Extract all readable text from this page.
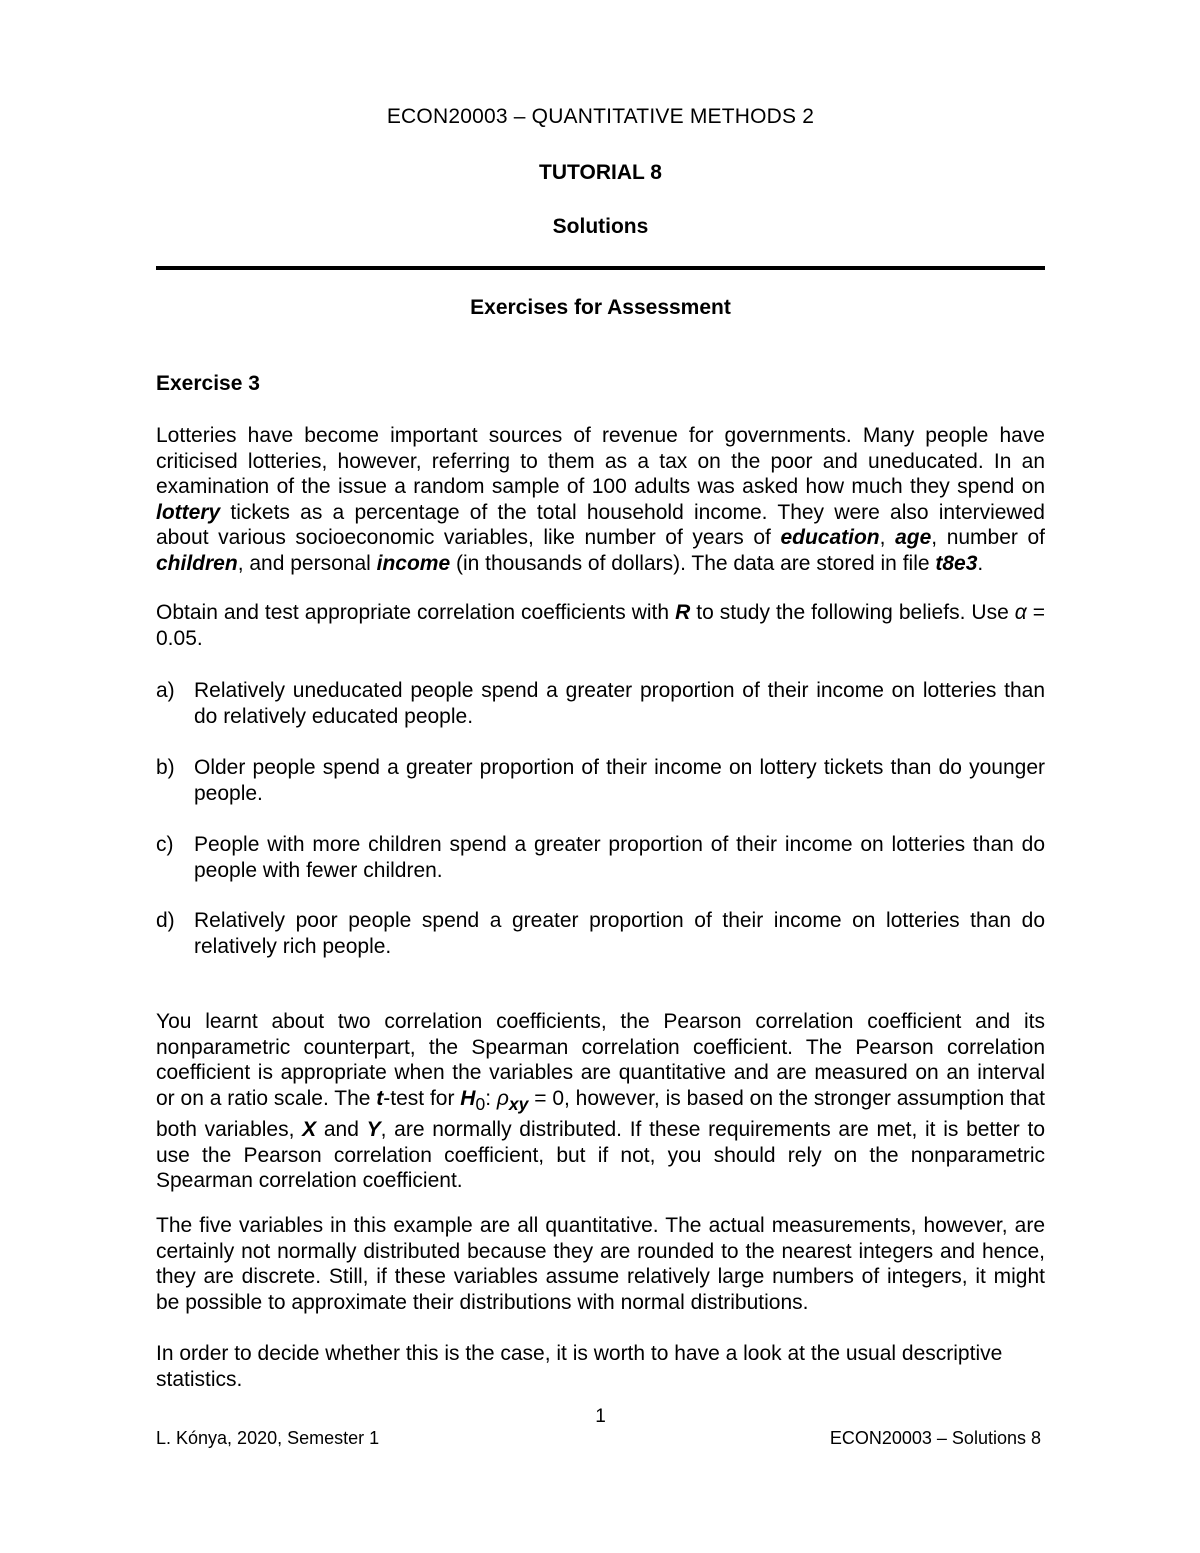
ECON20003 – QUANTITATIVE METHODS 2
TUTORIAL 8
Solutions
Exercises for Assessment
Exercise 3

Lotteries have become important sources of revenue for governments. Many people have criticised lotteries, however, referring to them as a tax on the poor and uneducated. In an examination of the issue a random sample of 100 adults was asked how much they spend on lottery tickets as a percentage of the total household income. They were also interviewed about various socioeconomic variables, like number of years of education, age, number of children, and personal income (in thousands of dollars). The data are stored in file t8e3.

Obtain and test appropriate correlation coefficients with R to study the following beliefs. Use α = 0.05.

a) Relatively uneducated people spend a greater proportion of their income on lotteries than do relatively educated people.
b) Older people spend a greater proportion of their income on lottery tickets than do younger people.
c) People with more children spend a greater proportion of their income on lotteries than do people with fewer children.
d) Relatively poor people spend a greater proportion of their income on lotteries than do relatively rich people.

You learnt about two correlation coefficients, the Pearson correlation coefficient and its nonparametric counterpart, the Spearman correlation coefficient. The Pearson correlation coefficient is appropriate when the variables are quantitative and are measured on an interval or on a ratio scale. The t-test for $H_0$: $\rho_{xy} = 0$, however, is based on the stronger assumption that both variables, X and Y, are normally distributed. If these requirements are met, it is better to use the Pearson correlation coefficient, but if not, you should rely on the nonparametric Spearman correlation coefficient.

The five variables in this example are all quantitative. The actual measurements, however, are certainly not normally distributed because they are rounded to the nearest integers and hence, they are discrete. Still, if these variables assume relatively large numbers of integers, it might be possible to approximate their distributions with normal distributions.

In order to decide whether this is the case, it is worth to have a look at the usual descriptive statistics.

1
L. Kónya, 2020, Semester 1	ECON20003 – Solutions 8
